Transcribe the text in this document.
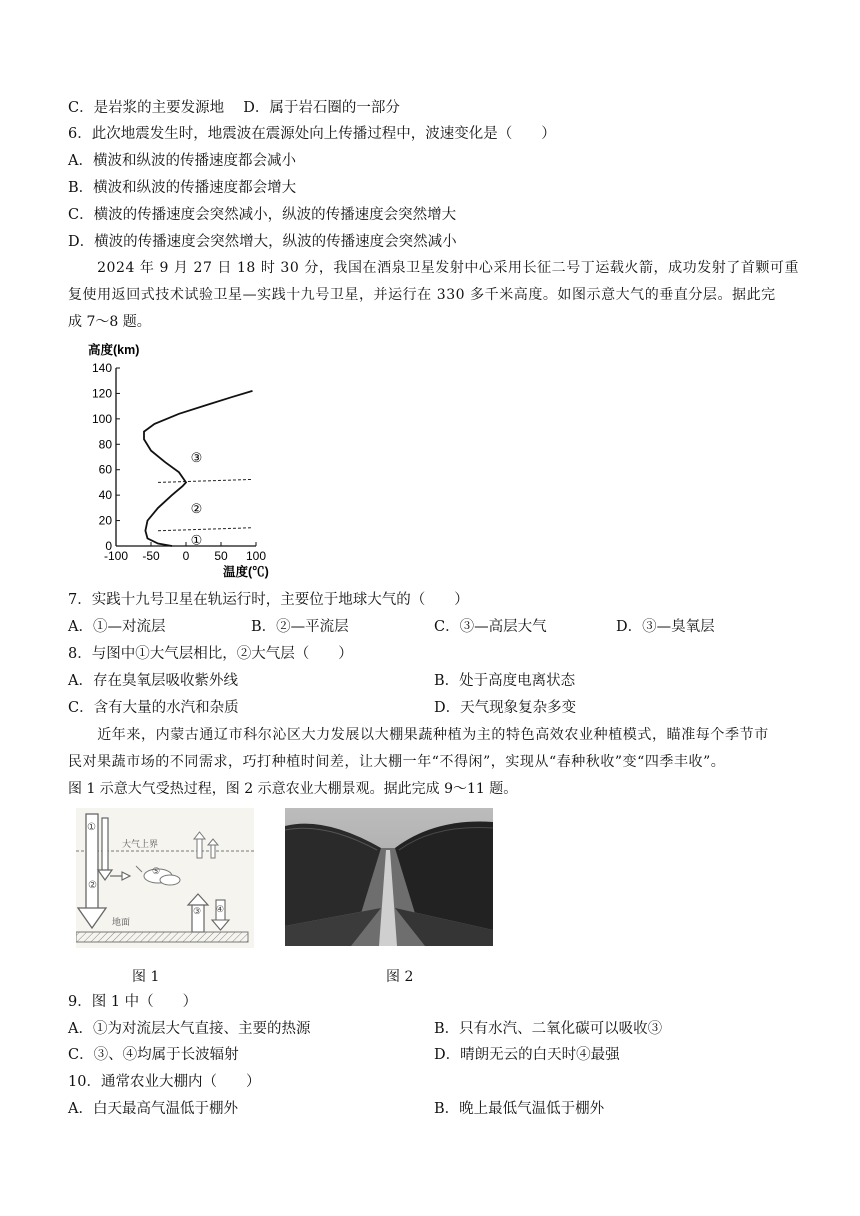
C．是岩浆的主要发源地　 D．属于岩石圈的一部分
6．此次地震发生时，地震波在震源处向上传播过程中，波速变化是（　　）
A．横波和纵波的传播速度都会减小
B．横波和纵波的传播速度都会增大
C．横波的传播速度会突然减小，纵波的传播速度会突然增大
D．横波的传播速度会突然增大，纵波的传播速度会突然减小
　　2024 年 9 月 27 日 18 时 30 分，我国在酒泉卫星发射中心采用长征二号丁运载火箭，成功发射了首颗可重
复使用返回式技术试验卫星—实践十九号卫星，并运行在 330 多千米高度。如图示意大气的垂直分层。据此完
成 7～8 题。
0
20
40
60
80
100
120
140
-100 -50 0 50 100
①
②
③
高度(km)
温度(℃)
7．实践十九号卫星在轨运行时，主要位于地球大气的（　　）
A．①—对流层	B．②—平流层	C．③—高层大气	D．③—臭氧层
8．与图中①大气层相比，②大气层（　　）
A．存在臭氧层吸收紫外线	B．处于高度电离状态
C．含有大量的水汽和杂质	D．天气现象复杂多变
　　近年来，内蒙古通辽市科尔沁区大力发展以大棚果蔬种植为主的特色高效农业种植模式，瞄准每个季节市
民对果蔬市场的不同需求，巧打种植时间差，让大棚一年“不得闲”，实现从“春种秋收”变“四季丰收”。
图 1 示意大气受热过程，图 2 示意农业大棚景观。据此完成 9～11 题。
大气上界
①
②
⑤
③ ④
地面
图 1	图 2
9．图 1 中（　　）
A．①为对流层大气直接、主要的热源	B．只有水汽、二氧化碳可以吸收③
C．③、④均属于长波辐射	D．晴朗无云的白天时④最强
10．通常农业大棚内（　　）
A．白天最高气温低于棚外	B．晚上最低气温低于棚外
